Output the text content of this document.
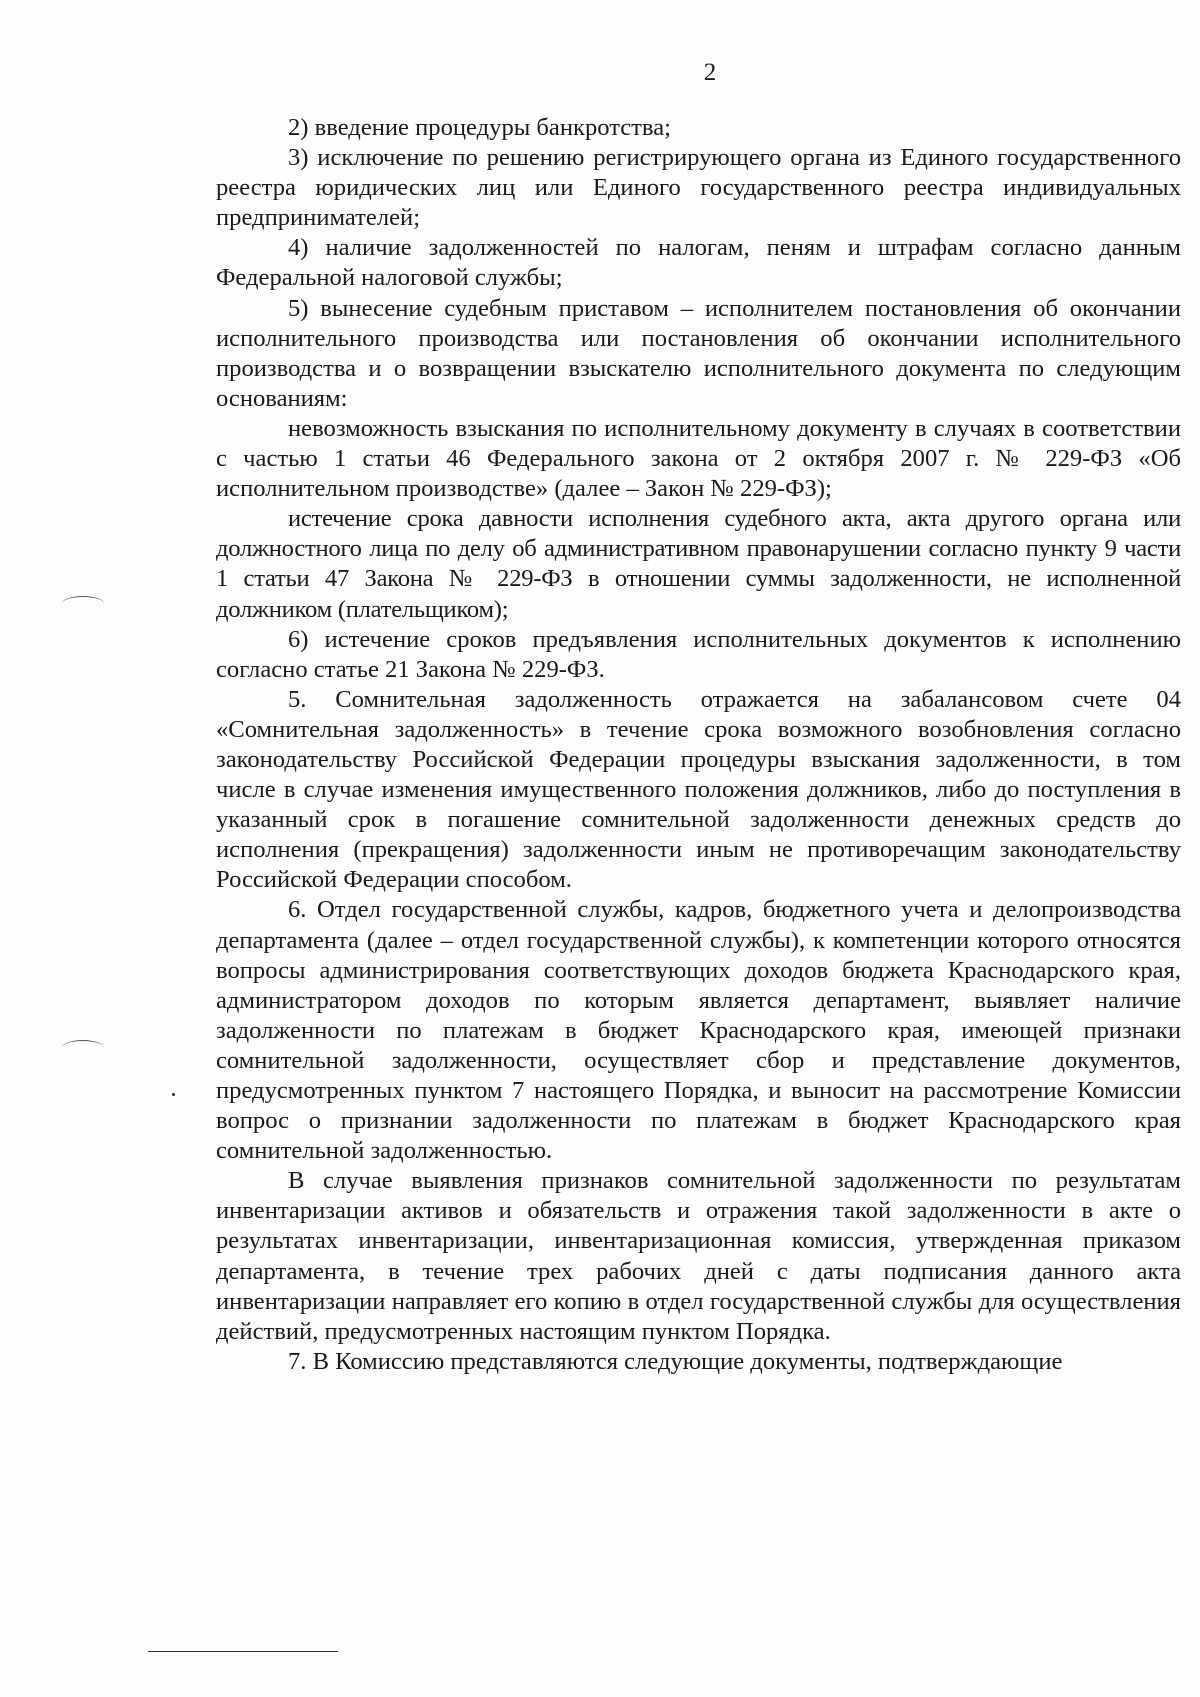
2

2) введение процедуры банкротства;

3) исключение по решению регистрирующего органа из Единого государственного реестра юридических лиц или Единого государственного реестра индивидуальных предпринимателей;

4) наличие задолженностей по налогам, пеням и штрафам согласно данным Федеральной налоговой службы;

5) вынесение судебным приставом – исполнителем постановления об окончании исполнительного производства или постановления об окончании исполнительного производства и о возвращении взыскателю исполнительного документа по следующим основаниям:

невозможность взыскания по исполнительному документу в случаях в соответствии с частью 1 статьи 46 Федерального закона от 2 октября 2007 г. № 229-ФЗ «Об исполнительном производстве» (далее – Закон № 229-ФЗ);

истечение срока давности исполнения судебного акта, акта другого органа или должностного лица по делу об административном правонарушении согласно пункту 9 части 1 статьи 47 Закона № 229-ФЗ в отношении суммы задолженности, не исполненной должником (плательщиком);

6) истечение сроков предъявления исполнительных документов к исполнению согласно статье 21 Закона № 229-ФЗ.

5. Сомнительная задолженность отражается на забалансовом счете 04 «Сомнительная задолженность» в течение срока возможного возобновления согласно законодательству Российской Федерации процедуры взыскания задолженности, в том числе в случае изменения имущественного положения должников, либо до поступления в указанный срок в погашение сомнительной задолженности денежных средств до исполнения (прекращения) задолженности иным не противоречащим законодательству Российской Федерации способом.

6. Отдел государственной службы, кадров, бюджетного учета и делопроизводства департамента (далее – отдел государственной службы), к компетенции которого относятся вопросы администрирования соответствующих доходов бюджета Краснодарского края, администратором доходов по которым является департамент, выявляет наличие задолженности по платежам в бюджет Краснодарского края, имеющей признаки сомнительной задолженности, осуществляет сбор и представление документов, предусмотренных пунктом 7 настоящего Порядка, и выносит на рассмотрение Комиссии вопрос о признании задолженности по платежам в бюджет Краснодарского края сомнительной задолженностью.

В случае выявления признаков сомнительной задолженности по результатам инвентаризации активов и обязательств и отражения такой задолженности в акте о результатах инвентаризации, инвентаризационная комиссия, утвержденная приказом департамента, в течение трех рабочих дней с даты подписания данного акта инвентаризации направляет его копию в отдел государственной службы для осуществления действий, предусмотренных настоящим пунктом Порядка.

7. В Комиссию представляются следующие документы, подтверждающие
